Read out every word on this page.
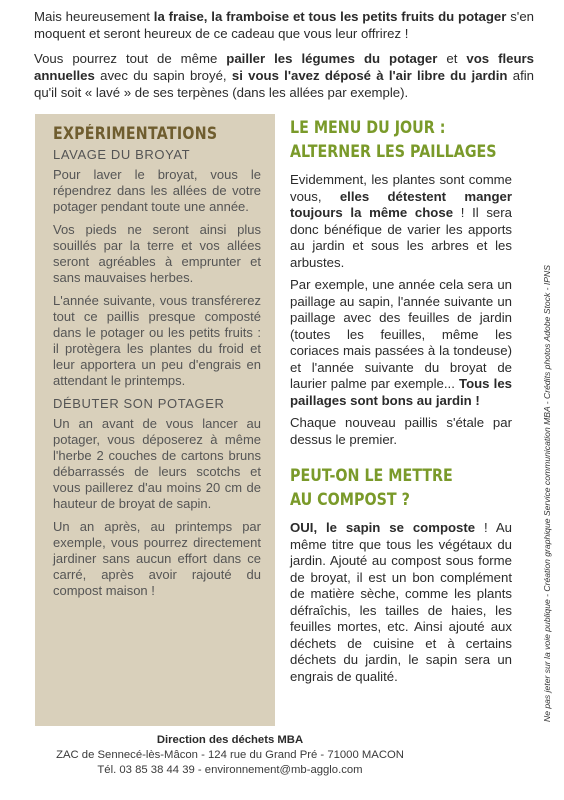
Mais heureusement la fraise, la framboise et tous les petits fruits du potager s'en moquent et seront heureux de ce cadeau que vous leur offrirez !

Vous pourrez tout de même pailler les légumes du potager et vos fleurs annuelles avec du sapin broyé, si vous l'avez déposé à l'air libre du jardin afin qu'il soit « lavé » de ses terpènes (dans les allées par exemple).

EXPÉRIMENTATIONS
LAVAGE DU BROYAT

Pour laver le broyat, vous le répendrez dans les allées de votre potager pendant toute une année.

Vos pieds ne seront ainsi plus souillés par la terre et vos allées seront agréables à emprunter et sans mauvaises herbes.

L'année suivante, vous transférerez tout ce paillis presque composté dans le potager ou les petits fruits : il protègera les plantes du froid et leur apportera un peu d'engrais en attendant le printemps.

DÉBUTER SON POTAGER

Un an avant de vous lancer au potager, vous déposerez à même l'herbe 2 couches de cartons bruns débarrassés de leurs scotchs et vous paillerez d'au moins 20 cm de hauteur de broyat de sapin.

Un an après, au printemps par exemple, vous pourrez directement jardiner sans aucun effort dans ce carré, après avoir rajouté du compost maison !

LE MENU DU JOUR :
ALTERNER LES PAILLAGES

Evidemment, les plantes sont comme vous, elles détestent manger toujours la même chose ! Il sera donc bénéfique de varier les apports au jardin et sous les arbres et les arbustes.

Par exemple, une année cela sera un paillage au sapin, l'année suivante un paillage avec des feuilles de jardin (toutes les feuilles, même les coriaces mais passées à la tondeuse) et l'année suivante du broyat de laurier palme par exemple... Tous les paillages sont bons au jardin !

Chaque nouveau paillis s'étale par dessus le premier.

PEUT-ON LE METTRE
AU COMPOST ?

OUI, le sapin se composte ! Au même titre que tous les végétaux du jardin. Ajouté au compost sous forme de broyat, il est un bon complément de matière sèche, comme les plants défraîchis, les tailles de haies, les feuilles mortes, etc. Ainsi ajouté aux déchets de cuisine et à certains déchets du jardin, le sapin sera un engrais de qualité.

Direction des déchets MBA
ZAC de Sennecé-lès-Mâcon - 124 rue du Grand Pré - 71000 MACON
Tél. 03 85 38 44 39 - environnement@mb-agglo.com
Ne pas jeter sur la voie publique - Création graphique Service communication MBA - Crédits photos Adobe Stock - IPNS
